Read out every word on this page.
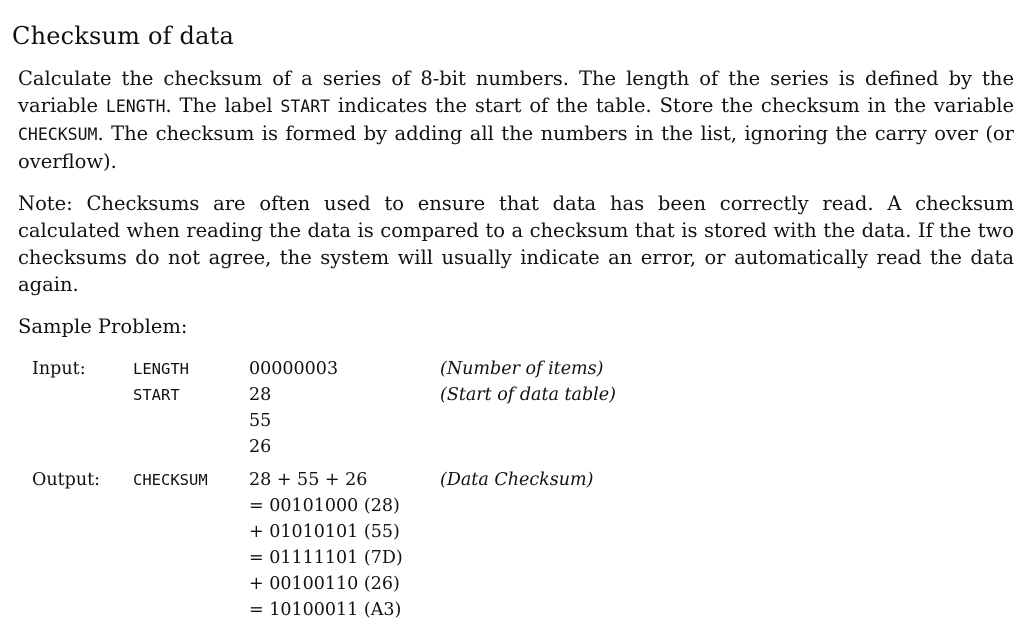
Checksum of data
Calculate the checksum of a series of 8-bit numbers. The length of the series is defined by the variable LENGTH. The label START indicates the start of the table. Store the checksum in the variable CHECKSUM. The checksum is formed by adding all the numbers in the list, ignoring the carry over (or overflow).
Note: Checksums are often used to ensure that data has been correctly read. A checksum calculated when reading the data is compared to a checksum that is stored with the data. If the two checksums do not agree, the system will usually indicate an error, or automatically read the data again.
Sample Problem:
Input:	LENGTH
START
00000003
28
55
26
(Number of items)
(Start of data table)
Output: CHECKSUM 28 + 55 + 26
= 00101000 (28)
+ 01010101 (55)
= 01111101 (7D)
+ 00100110 (26)
= 10100011 (A3)
(Data Checksum)
